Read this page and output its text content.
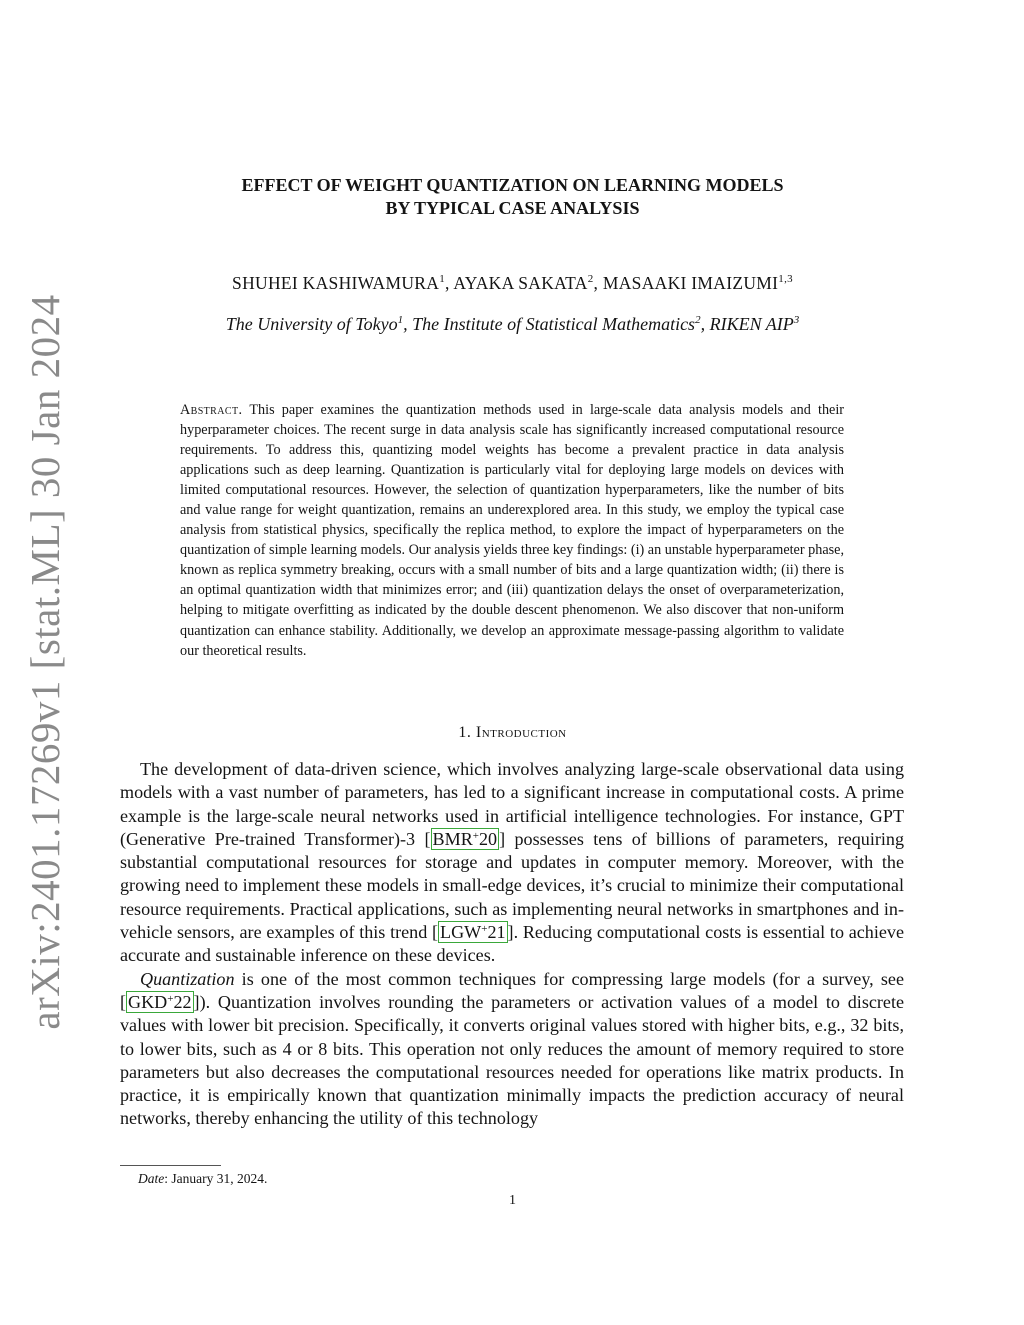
arXiv:2401.17269v1 [stat.ML] 30 Jan 2024
EFFECT OF WEIGHT QUANTIZATION ON LEARNING MODELS
BY TYPICAL CASE ANALYSIS
SHUHEI KASHIWAMURA$^1$, AYAKA SAKATA$^2$, MASAAKI IMAIZUMI$^{1,3}$
The University of Tokyo$^1$, The Institute of Statistical Mathematics$^2$, RIKEN AIP$^3$
Abstract. This paper examines the quantization methods used in large-scale data analysis models and their hyperparameter choices. The recent surge in data analysis scale has significantly increased computational resource requirements. To address this, quantizing model weights has become a prevalent practice in data analysis applications such as deep learning. Quantization is particularly vital for deploying large models on devices with limited computational resources. However, the selection of quantization hyperparameters, like the number of bits and value range for weight quantization, remains an underexplored area. In this study, we employ the typical case analysis from statistical physics, specifically the replica method, to explore the impact of hyperparameters on the quantization of simple learning models. Our analysis yields three key findings: (i) an unstable hyperparameter phase, known as replica symmetry breaking, occurs with a small number of bits and a large quantization width; (ii) there is an optimal quantization width that minimizes error; and (iii) quantization delays the onset of overparameterization, helping to mitigate overfitting as indicated by the double descent phenomenon. We also discover that non-uniform quantization can enhance stability. Additionally, we develop an approximate message-passing algorithm to validate our theoretical results.
1. Introduction

The development of data-driven science, which involves analyzing large-scale observational data using models with a vast number of parameters, has led to a significant increase in computational costs. A prime example is the large-scale neural networks used in artificial intelligence technologies. For instance, GPT (Generative Pre-trained Transformer)-3 [ BMR+20 ] possesses tens of billions of parameters, requiring substantial computational resources for storage and updates in computer memory. Moreover, with the growing need to implement these models in small-edge devices, it’s crucial to minimize their computational resource requirements. Practical applications, such as implementing neural networks in smartphones and in-vehicle sensors, are examples of this trend [ LGW+21 ]. Reducing computational costs is essential to achieve accurate and sustainable inference on these devices.

Quantization is one of the most common techniques for compressing large models (for a survey, see [ GKD+22 ]). Quantization involves rounding the parameters or activation values of a model to discrete values with lower bit precision. Specifically, it converts original values stored with higher bits, e.g., 32 bits, to lower bits, such as 4 or 8 bits. This operation not only reduces the amount of memory required to store parameters but also decreases the computational resources needed for operations like matrix products. In practice, it is empirically known that quantization minimally impacts the prediction accuracy of neural networks, thereby enhancing the utility of this technology

Date: January 31, 2024.
1
